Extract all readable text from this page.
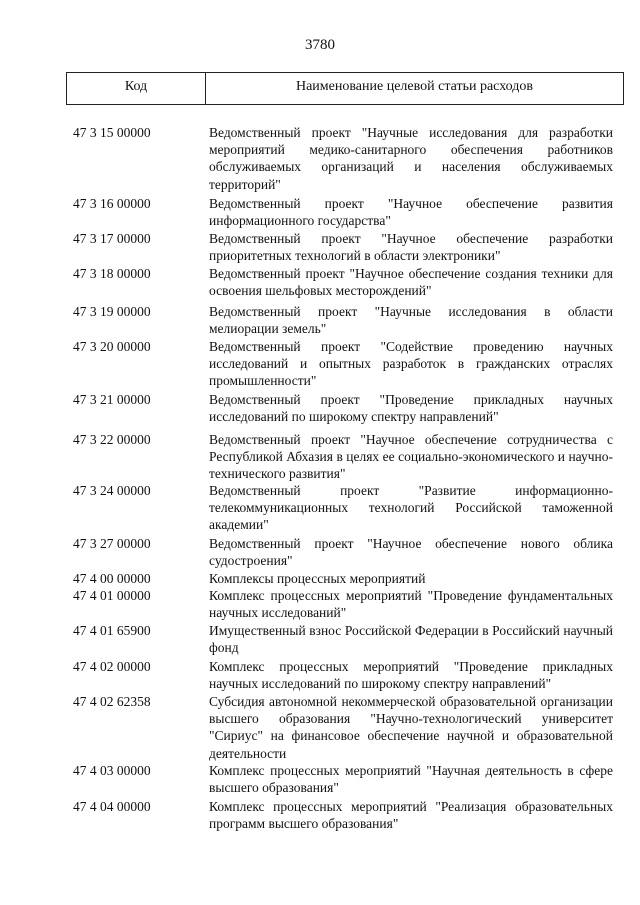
3780
Код	Наименование целевой статьи расходов
47 3 15 00000	Ведомственный проект "Научные исследования для разработки мероприятий медико-санитарного обеспечения работников обслуживаемых организаций и населения обслуживаемых территорий"
47 3 16 00000	Ведомственный проект "Научное обеспечение развития информационного государства"
47 3 17 00000	Ведомственный проект "Научное обеспечение разработки приоритетных технологий в области электроники"
47 3 18 00000	Ведомственный проект "Научное обеспечение создания техники для освоения шельфовых месторождений"
47 3 19 00000	Ведомственный проект "Научные исследования в области мелиорации земель"
47 3 20 00000	Ведомственный проект "Содействие проведению научных исследований и опытных разработок в гражданских отраслях промышленности"
47 3 21 00000	Ведомственный проект "Проведение прикладных научных исследований по широкому спектру направлений"
47 3 22 00000	Ведомственный проект "Научное обеспечение сотрудничества с Республикой Абхазия в целях ее социально-экономического и научно-технического развития"
47 3 24 00000	Ведомственный проект "Развитие информационно-телекоммуникационных технологий Российской таможенной академии"
47 3 27 00000	Ведомственный проект "Научное обеспечение нового облика судостроения"
47 4 00 00000	Комплексы процессных мероприятий
47 4 01 00000	Комплекс процессных мероприятий "Проведение фундаментальных научных исследований"
47 4 01 65900	Имущественный взнос Российской Федерации в Российский научный фонд
47 4 02 00000	Комплекс процессных мероприятий "Проведение прикладных научных исследований по широкому спектру направлений"
47 4 02 62358	Субсидия автономной некоммерческой образовательной организации высшего образования "Научно-технологический университет "Сириус" на финансовое обеспечение научной и образовательной деятельности
47 4 03 00000	Комплекс процессных мероприятий "Научная деятельность в сфере высшего образования"
47 4 04 00000	Комплекс процессных мероприятий "Реализация образовательных программ высшего образования"
